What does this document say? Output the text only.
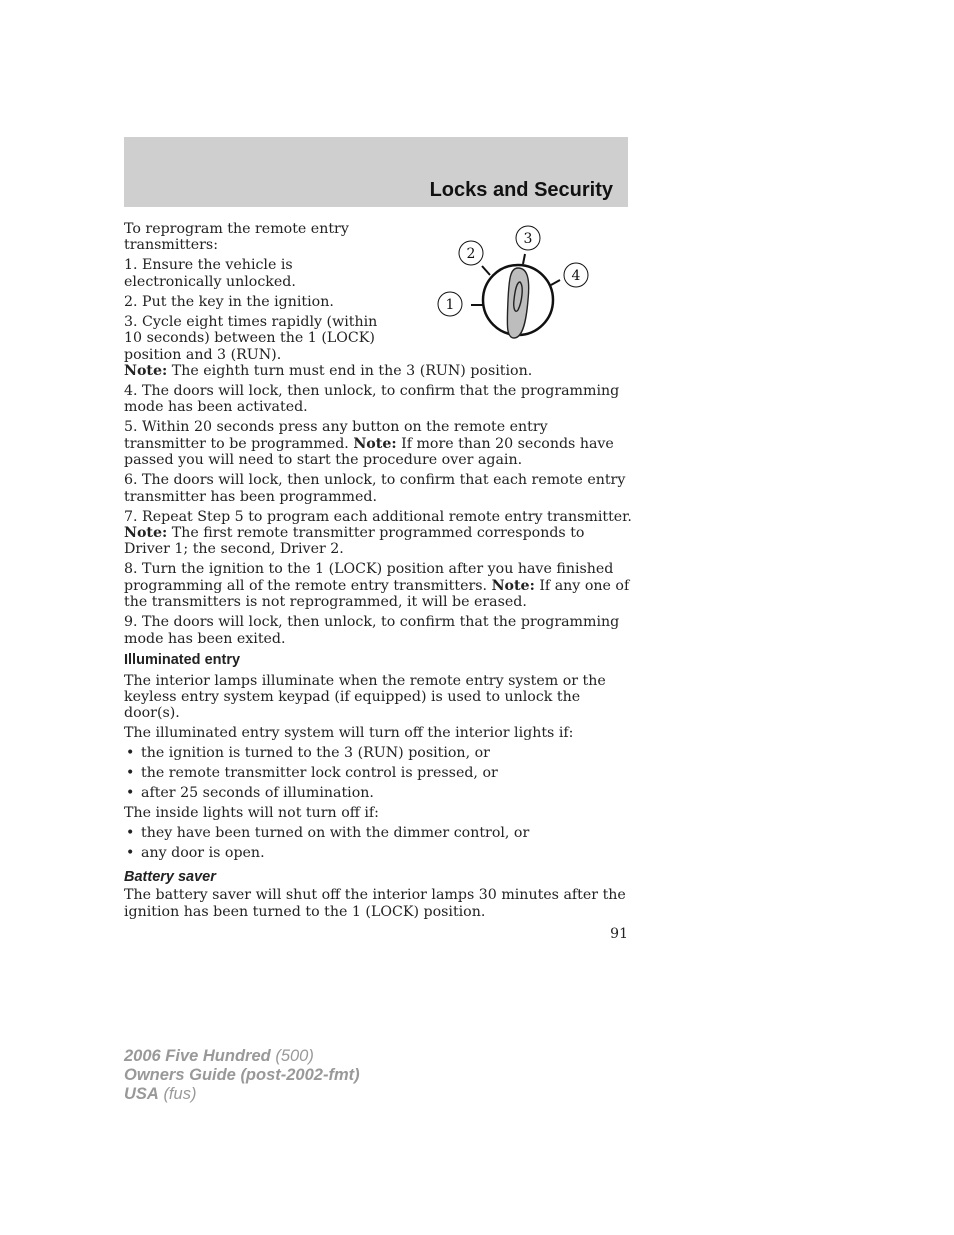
Locks and Security
1
2
3
4

To reprogram the remote entry transmitters:

1. Ensure the vehicle is electronically unlocked.

2. Put the key in the ignition.

3. Cycle eight times rapidly (within 10 seconds) between the 1 (LOCK) position and 3 (RUN).

Note: The eighth turn must end in the 3 (RUN) position.

4. The doors will lock, then unlock, to confirm that the programming mode has been activated.

5. Within 20 seconds press any button on the remote entry transmitter to be programmed. Note: If more than 20 seconds have passed you will need to start the procedure over again.

6. The doors will lock, then unlock, to confirm that each remote entry transmitter has been programmed.

7. Repeat Step 5 to program each additional remote entry transmitter. Note: The first remote transmitter programmed corresponds to Driver 1; the second, Driver 2.

8. Turn the ignition to the 1 (LOCK) position after you have finished programming all of the remote entry transmitters. Note: If any one of the transmitters is not reprogrammed, it will be erased.

9. The doors will lock, then unlock, to confirm that the programming mode has been exited.

Illuminated entry

The interior lamps illuminate when the remote entry system or the keyless entry system keypad (if equipped) is used to unlock the door(s).

The illuminated entry system will turn off the interior lights if:

• the ignition is turned to the 3 (RUN) position, or

• the remote transmitter lock control is pressed, or

• after 25 seconds of illumination.

The inside lights will not turn off if:

• they have been turned on with the dimmer control, or

• any door is open.

Battery saver

The battery saver will shut off the interior lamps 30 minutes after the ignition has been turned to the 1 (LOCK) position.

91
2006 Five Hundred (500)
Owners Guide (post-2002-fmt)
USA (fus)
